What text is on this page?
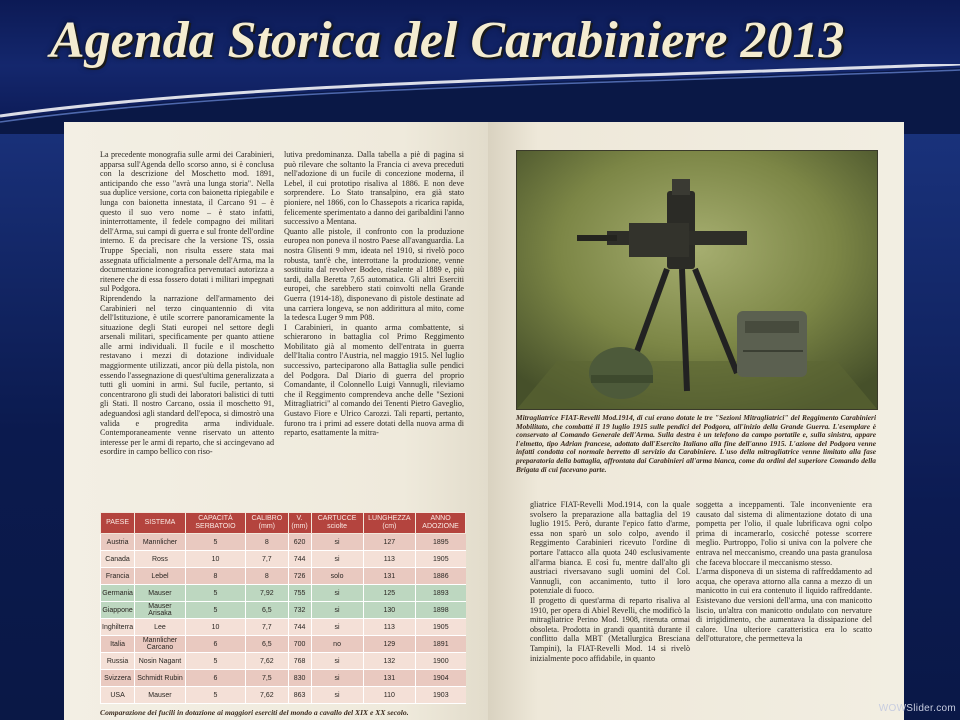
Agenda Storica del Carabiniere 2013

La precedente monografia sulle armi dei Carabinieri, apparsa sull'Agenda dello scorso anno, si è conclusa con la descrizione del Moschetto mod. 1891, anticipando che esso "avrà una lunga storia". Nella sua duplice versione, corta con baionetta ripiegabile e lunga con baionetta innestata, il Carcano 91 – è questo il suo vero nome – è stato infatti, ininterrottamente, il fedele compagno dei militari dell'Arma, sui campi di guerra e sul fronte dell'ordine interno. E da precisare che la versione TS, ossia Truppe Speciali, non risulta essere stata mai assegnata ufficialmente a personale dell'Arma, ma la documentazione iconografica pervenutaci autorizza a ritenere che di essa fossero dotati i militari impegnati sul Podgora.

Riprendendo la narrazione dell'armamento dei Carabinieri nel terzo cinquantennio di vita dell'Istituzione, è utile scorrere panoramicamente la situazione degli Stati europei nel settore degli arsenali militari, specificamente per quanto attiene alle armi individuali. Il fucile e il moschetto restavano i mezzi di dotazione individuale maggiormente utilizzati, ancor più della pistola, non essendo l'assegnazione di quest'ultima generalizzata a tutti gli uomini in armi. Sul fucile, pertanto, si concentrarono gli studi dei laboratori balistici di tutti gli Stati. Il nostro Carcano, ossia il moschetto 91, adeguandosi agli standard dell'epoca, si dimostrò una valida e progredita arma individuale. Contemporaneamente venne riservato un attento interesse per le armi di reparto, che si accingevano ad esordire in campo bellico con riso-

lutiva predominanza. Dalla tabella a piè di pagina si può rilevare che soltanto la Francia ci aveva preceduti nell'adozione di un fucile di concezione moderna, il Lebel, il cui prototipo risaliva al 1886. E non deve sorprendere. Lo Stato transalpino, era già stato pioniere, nel 1866, con lo Chassepots a ricarica rapida, felicemente sperimentato a danno dei garibaldini l'anno successivo a Mentana.

Quanto alle pistole, il confronto con la produzione europea non poneva il nostro Paese all'avanguardia. La nostra Glisenti 9 mm, ideata nel 1910, si rivelò poco robusta, tant'è che, interrottane la produzione, venne sostituita dal revolver Bodeo, risalente al 1889 e, più tardi, dalla Beretta 7,65 automatica. Gli altri Eserciti europei, che sarebbero stati coinvolti nella Grande Guerra (1914-18), disponevano di pistole destinate ad una carriera longeva, se non addirittura al mito, come la tedesca Luger 9 mm P08.

I Carabinieri, in quanto arma combattente, si schierarono in battaglia col Primo Reggimento Mobilitato già al momento dell'entrata in guerra dell'Italia contro l'Austria, nel maggio 1915. Nel luglio successivo, parteciparono alla Battaglia sulle pendici del Podgora. Dal Diario di guerra del proprio Comandante, il Colonnello Luigi Vannugli, rileviamo che il Reggimento comprendeva anche delle "Sezioni Mitragliatrici" al comando dei Tenenti Pietro Gaveglio, Gustavo Fiore e Ulrico Carozzi. Tali reparti, pertanto, furono tra i primi ad essere dotati della nuova arma di reparto, esattamente la mitra-

PAESE	SISTEMA	CAPACITÀ SERBATOIO	CALIBRO (mm)	V. (mm)	CARTUCCE sciolte	LUNGHEZZA (cm)	ANNO ADOZIONE
Austria	Mannlicher	5	8	620	si	127	1895
Canada	Ross	10	7,7	744	si	113	1905
Francia	Lebel	8	8	726	solo	131	1886
Germania	Mauser	5	7,92	755	si	125	1893
Giappone	Mauser Arisaka	5	6,5	732	si	130	1898
Inghilterra	Lee	10	7,7	744	si	113	1905
Italia	Mannlicher Carcano	6	6,5	700	no	129	1891
Russia	Nosin Nagant	5	7,62	768	si	132	1900
Svizzera	Schmidt Rubin	6	7,5	830	si	131	1904
USA	Mauser	5	7,62	863	si	110	1903
Comparazione dei fucili in dotazione ai maggiori eserciti del mondo a cavallo del XIX e XX secolo.
Mitragliatrice FIAT-Revelli Mod.1914, di cui erano dotate le tre "Sezioni Mitragliatrici" del Reggimento Carabinieri Mobilitato, che combatté il 19 luglio 1915 sulle pendici del Podgora, all'inizio della Grande Guerra. L'esemplare è conservato al Comando Generale dell'Arma. Sulla destra è un telefono da campo portatile e, sulla sinistra, appare l'elmetto, tipo Adrian francese, adottato dall'Esercito Italiano alla fine dell'anno 1915. L'azione del Podgora venne infatti condotta col normale berretto di servizio da Carabiniere. L'uso della mitragliatrice venne limitato alla fase preparatoria della battaglia, affrontata dai Carabinieri all'arma bianca, come da ordini del superiore Comando della Brigata di cui facevano parte.

gliatrice FIAT-Revelli Mod.1914, con la quale svolsero la preparazione alla battaglia del 19 luglio 1915. Però, durante l'epico fatto d'arme, essa non sparò un solo colpo, avendo il Reggimento Carabinieri ricevuto l'ordine di portare l'attacco alla quota 240 esclusivamente all'arma bianca. E così fu, mentre dall'alto gli austriaci riversavano sugli uomini del Col. Vannugli, con accanimento, tutto il loro potenziale di fuoco.

Il progetto di quest'arma di reparto risaliva al 1910, per opera di Abiel Revelli, che modificò la mitragliatrice Perino Mod. 1908, ritenuta ormai obsoleta. Prodotta in grandi quantità durante il conflitto dalla MBT (Metallurgica Bresciana Tampini), la FIAT-Revelli Mod. 14 si rivelò inizialmente poco affidabile, in quanto

soggetta a inceppamenti. Tale inconveniente era causato dal sistema di alimentazione dotato di una pompetta per l'olio, il quale lubrificava ogni colpo prima di incamerarlo, cosicché potesse scorrere meglio. Purtroppo, l'olio si univa con la polvere che entrava nel meccanismo, creando una pasta granulosa che faceva bloccare il meccanismo stesso.

L'arma disponeva di un sistema di raffreddamento ad acqua, che operava attorno alla canna a mezzo di un manicotto in cui era contenuto il liquido raffreddante. Esistevano due versioni dell'arma, una con manicotto liscio, un'altra con manicotto ondulato con nervature di irrigidimento, che aumentava la dissipazione del calore. Una ulteriore caratteristica era lo scatto dell'otturatore, che permetteva la

WOWSlider.com
